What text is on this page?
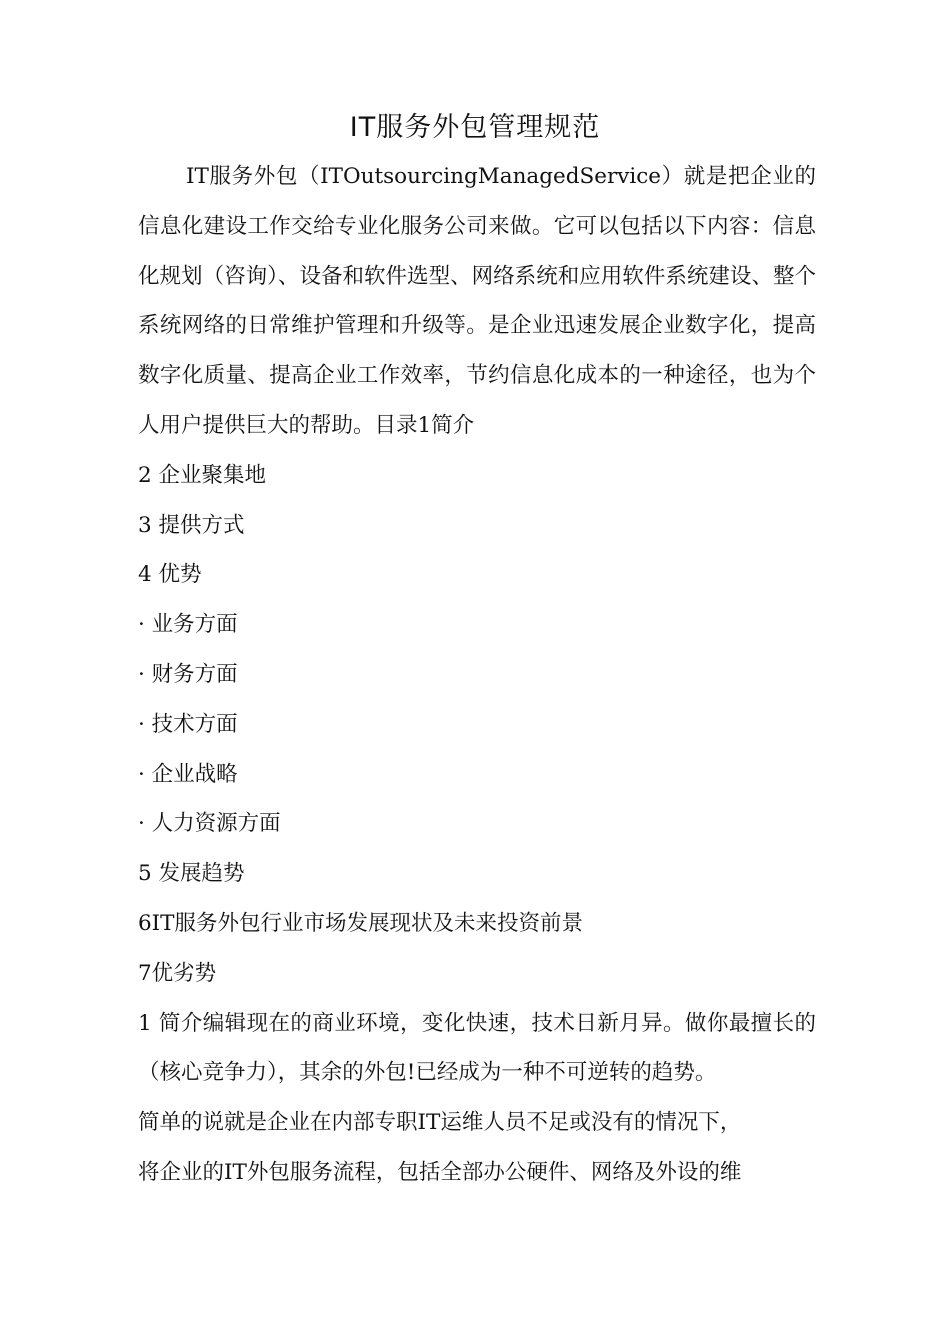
IT服务外包管理规范

IT服务外包（ITOutsourcingManagedService）就是把企业的信息化建设工作交给专业化服务公司来做。它可以包括以下内容：信息化规划（咨询）、设备和软件选型、网络系统和应用软件系统建设、整个系统网络的日常维护管理和升级等。是企业迅速发展企业数字化，提高数字化质量、提高企业工作效率，节约信息化成本的一种途径，也为个人用户提供巨大的帮助。目录1简介

2 企业聚集地

3 提供方式

4 优势

· 业务方面

· 财务方面

· 技术方面

· 企业战略

· 人力资源方面

5 发展趋势

6IT服务外包行业市场发展现状及未来投资前景

7优劣势

1 简介编辑现在的商业环境，变化快速，技术日新月异。做你最擅长的（核心竞争力），其余的外包!已经成为一种不可逆转的趋势。

简单的说就是企业在内部专职IT运维人员不足或没有的情况下，

将企业的IT外包服务流程，包括全部办公硬件、网络及外设的维
